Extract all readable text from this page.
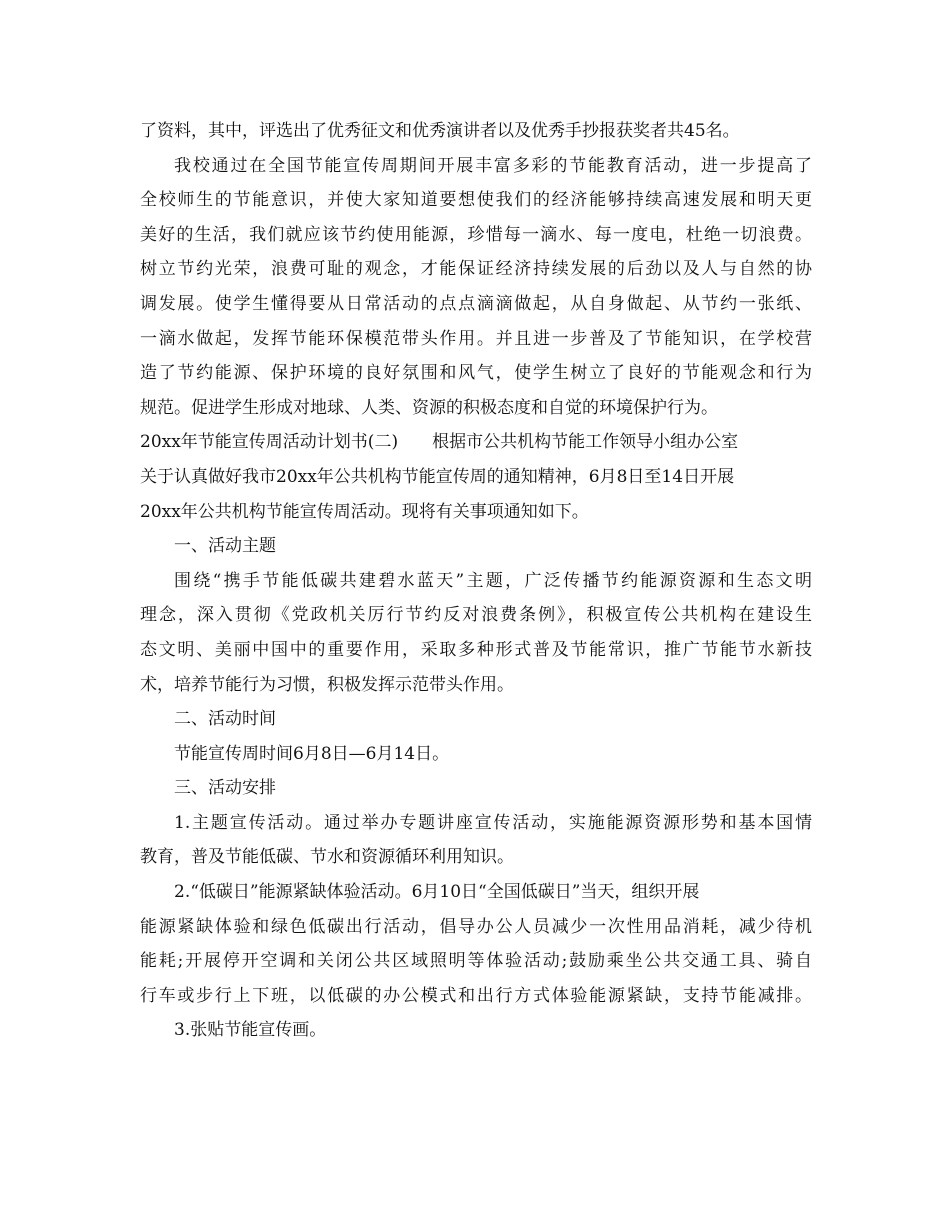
了资料，其中，评选出了优秀征文和优秀演讲者以及优秀手抄报获奖者共45名。
我校通过在全国节能宣传周期间开展丰富多彩的节能教育活动，进一步提高了
全校师生的节能意识，并使大家知道要想使我们的经济能够持续高速发展和明天更
美好的生活，我们就应该节约使用能源，珍惜每一滴水、每一度电，杜绝一切浪费。
树立节约光荣，浪费可耻的观念，才能保证经济持续发展的后劲以及人与自然的协
调发展。使学生懂得要从日常活动的点点滴滴做起，从自身做起、从节约一张纸、
一滴水做起，发挥节能环保模范带头作用。并且进一步普及了节能知识，在学校营
造了节约能源、保护环境的良好氛围和风气，使学生树立了良好的节能观念和行为
规范。促进学生形成对地球、人类、资源的积极态度和自觉的环境保护行为。
20xx年节能宣传周活动计划书(二)　　根据市公共机构节能工作领导小组办公室
关于认真做好我市20xx年公共机构节能宣传周的通知精神，6月8日至14日开展
20xx年公共机构节能宣传周活动。现将有关事项通知如下。
一、活动主题
围绕“携手节能低碳共建碧水蓝天”主题，广泛传播节约能源资源和生态文明
理念，深入贯彻《党政机关厉行节约反对浪费条例》，积极宣传公共机构在建设生
态文明、美丽中国中的重要作用，采取多种形式普及节能常识，推广节能节水新技
术，培养节能行为习惯，积极发挥示范带头作用。
二、活动时间
节能宣传周时间6月8日—6月14日。
三、活动安排
1.主题宣传活动。通过举办专题讲座宣传活动，实施能源资源形势和基本国情
教育，普及节能低碳、节水和资源循环利用知识。
2.“低碳日”能源紧缺体验活动。6月10日“全国低碳日”当天，组织开展
能源紧缺体验和绿色低碳出行活动，倡导办公人员减少一次性用品消耗，减少待机
能耗;开展停开空调和关闭公共区域照明等体验活动;鼓励乘坐公共交通工具、骑自
行车或步行上下班，以低碳的办公模式和出行方式体验能源紧缺，支持节能减排。
3.张贴节能宣传画。
